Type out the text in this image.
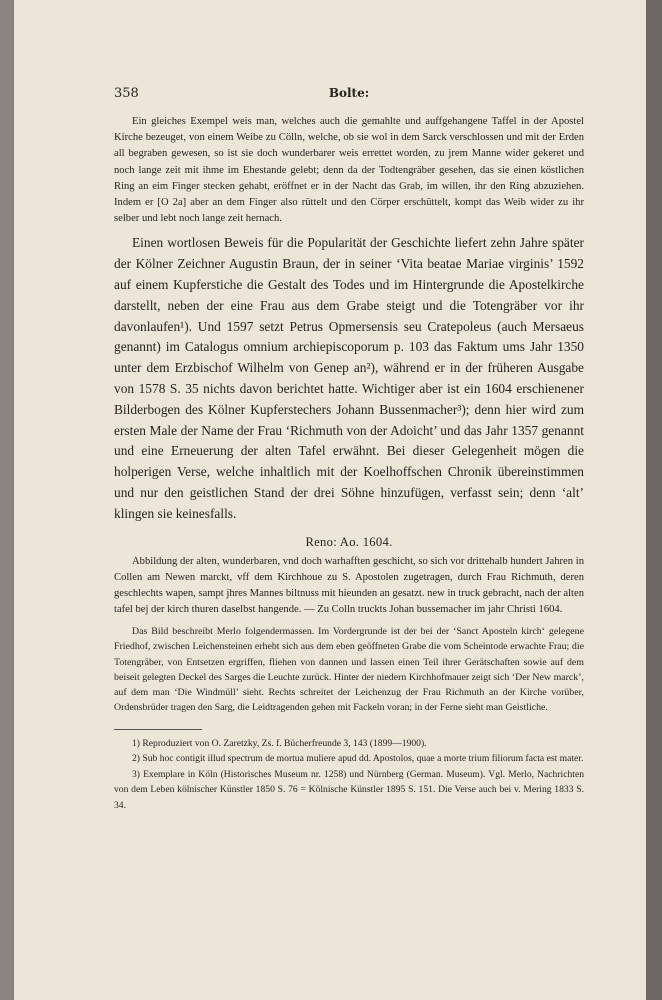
358	Bolte:

Ein gleiches Exempel weis man, welches auch die gemahlte und auffgehangene Taffel in der Apostel Kirche bezeuget, von einem Weibe zu Cölln, welche, ob sie wol in dem Sarck verschlossen und mit der Erden all begraben gewesen, so ist sie doch wunderbarer weis errettet worden, zu jrem Manne wider gekeret und noch lange zeit mit ihme im Ehestande gelebt; denn da der Todtengräber gesehen, das sie einen köstlichen Ring an eim Finger stecken gehabt, eröffnet er in der Nacht das Grab, im willen, ihr den Ring abzuziehen. Indem er [O 2a] aber an dem Finger also rüttelt und den Cörper erschüttelt, kompt das Weib wider zu ihr selber und lebt noch lange zeit hernach.

Einen wortlosen Beweis für die Popularität der Geschichte liefert zehn Jahre später der Kölner Zeichner Augustin Braun, der in seiner ‘Vita beatae Mariae virginis’ 1592 auf einem Kupferstiche die Gestalt des Todes und im Hintergrunde die Apostelkirche darstellt, neben der eine Frau aus dem Grabe steigt und die Totengräber vor ihr davonlaufen¹). Und 1597 setzt Petrus Opmersensis seu Cratepoleus (auch Mersaeus genannt) im Catalogus omnium archiepiscoporum p. 103 das Faktum ums Jahr 1350 unter dem Erzbischof Wilhelm von Genep an²), während er in der früheren Ausgabe von 1578 S. 35 nichts davon berichtet hatte. Wichtiger aber ist ein 1604 erschienener Bilderbogen des Kölner Kupferstechers Johann Bussenmacher³); denn hier wird zum ersten Male der Name der Frau ‘Richmuth von der Adoicht’ und das Jahr 1357 genannt und eine Erneuerung der alten Tafel erwähnt. Bei dieser Gelegenheit mögen die holperigen Verse, welche inhaltlich mit der Koelhoffschen Chronik übereinstimmen und nur den geistlichen Stand der drei Söhne hinzufügen, verfasst sein; denn ‘alt’ klingen sie keinesfalls.

Reno: Ao. 1604.

Abbildung der alten, wunderbaren, vnd doch warhafften geschicht, so sich vor drittehalb hundert Jahren in Collen am Newen marckt, vff dem Kirchhoue zu S. Apostolen zugetragen, durch Frau Richmuth, deren geschlechts wapen, sampt jhres Mannes biltnuss mit hieunden an gesatzt. new in truck gebracht, nach der alten tafel bej der kirch thuren daselbst hangende. — Zu Colln truckts Johan bussemacher im jahr Christi 1604.

Das Bild beschreibt Merlo folgendermassen. Im Vordergrunde ist der bei der ‘Sanct Aposteln kirch‘ gelegene Friedhof, zwischen Leichensteinen erhebt sich aus dem eben geöffneten Grabe die vom Scheintode erwachte Frau; die Totengräber, von Entsetzen ergriffen, fliehen von dannen und lassen einen Teil ihrer Gerätschaften sowie auf dem beiseit gelegten Deckel des Sarges die Leuchte zurück. Hinter der niedern Kirchhofmauer zeigt sich ‘Der New marck’, auf dem man ‘Die Windmüll’ sieht. Rechts schreitet der Leichenzug der Frau Richmuth an der Kirche vorüber, Ordensbrüder tragen den Sarg, die Leidtragenden gehen mit Fackeln voran; in der Ferne sieht man Geistliche.

1) Reproduziert von O. Zaretzky, Zs. f. Bücherfreunde 3, 143 (1899—1900).

2) Sub hoc contigit illud spectrum de mortua muliere apud dd. Apostolos, quae a morte trium filiorum facta est mater.

3) Exemplare in Köln (Historisches Museum nr. 1258) und Nürnberg (German. Museum). Vgl. Merlo, Nachrichten von dem Leben kölnischer Künstler 1850 S. 76 = Kölnische Künstler 1895 S. 151. Die Verse auch bei v. Mering 1833 S. 34.
